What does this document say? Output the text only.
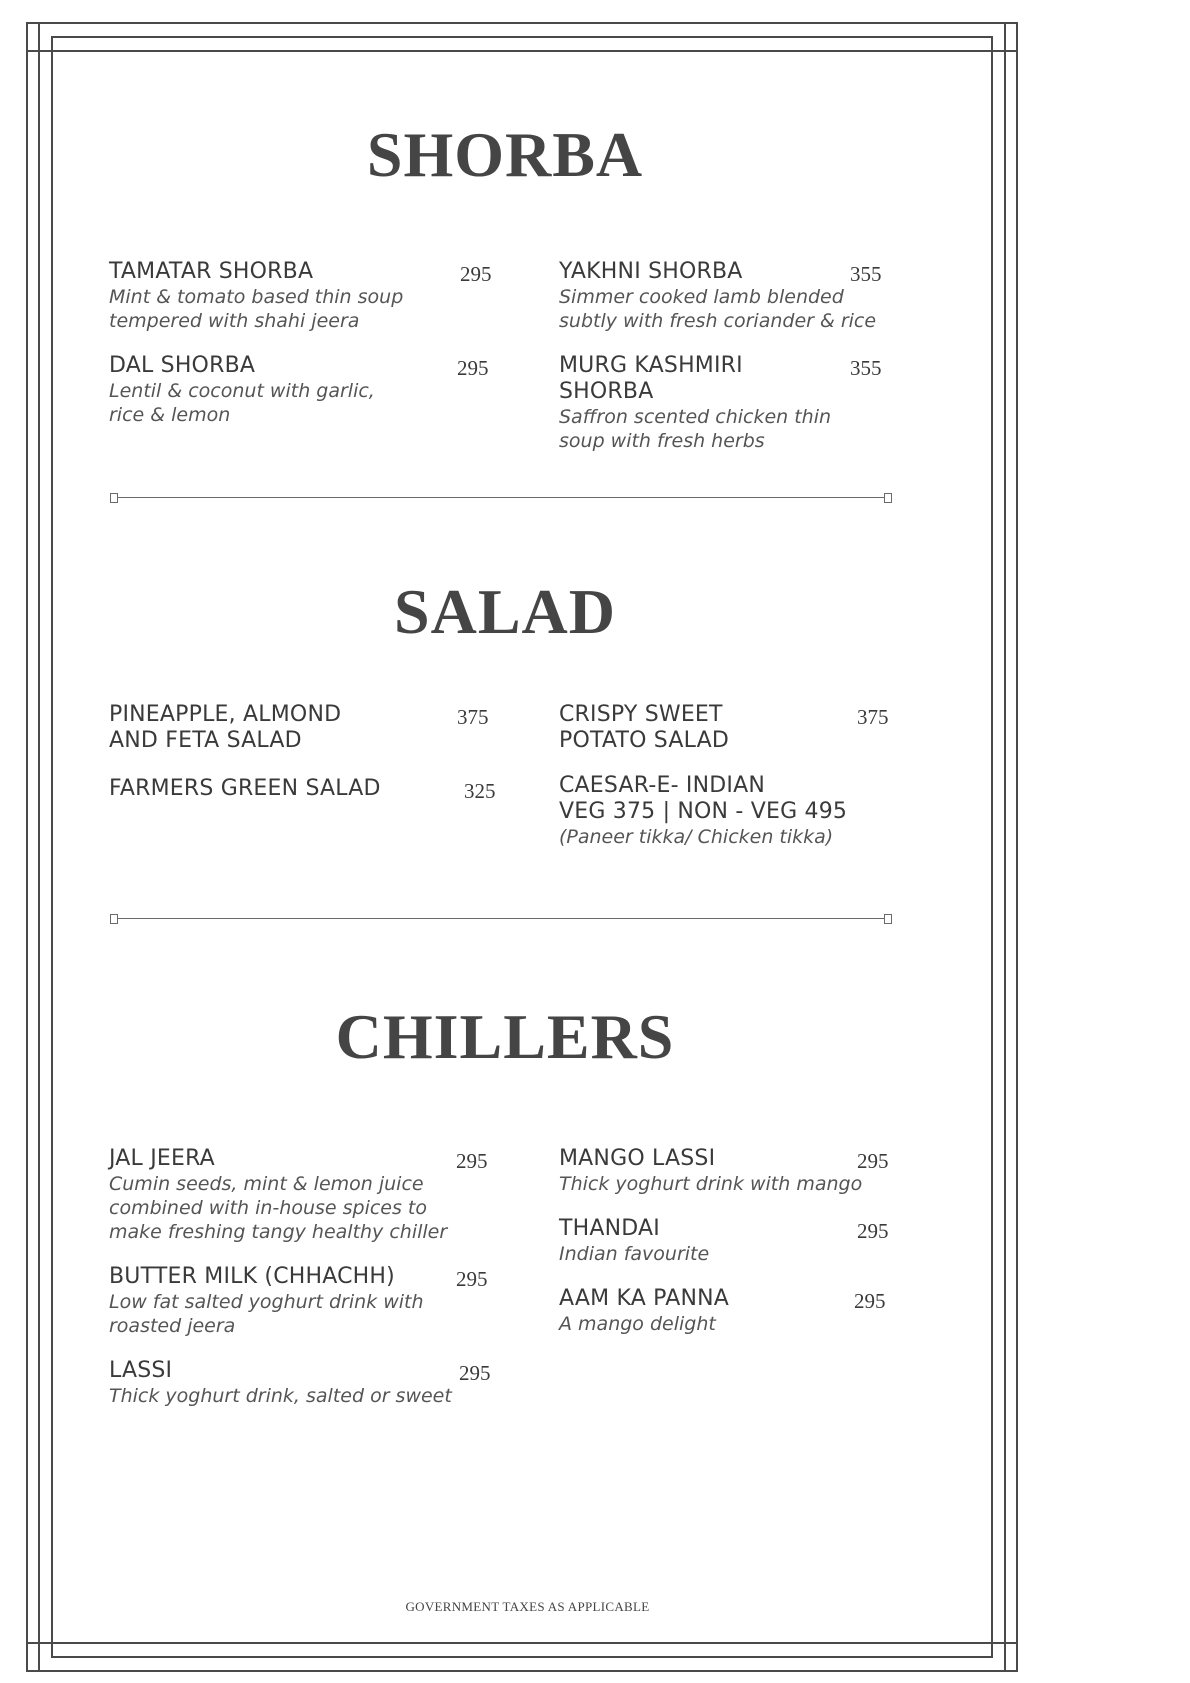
SHORBA
TAMATAR SHORBA
Mint & tomato based thin soup
tempered with shahi jeera
295
DAL SHORBA
Lentil & coconut with garlic,
rice & lemon
295
YAKHNI SHORBA
Simmer cooked lamb blended
subtly with fresh coriander & rice
355
MURG KASHMIRI
SHORBA
Saffron scented chicken thin
soup with fresh herbs
355
SALAD
PINEAPPLE, ALMOND
AND FETA SALAD
375
FARMERS GREEN SALAD	325
CRISPY SWEET
POTATO SALAD
375
CAESAR-E- INDIAN
VEG 375 | NON - VEG 495
(Paneer tikka/ Chicken tikka)
CHILLERS
JAL JEERA
Cumin seeds, mint & lemon juice
combined with in-house spices to
make freshing tangy healthy chiller
295
BUTTER MILK (CHHACHH)
Low fat salted yoghurt drink with
roasted jeera
295
LASSI
Thick yoghurt drink, salted or sweet
295
MANGO LASSI
Thick yoghurt drink with mango
295
THANDAI
Indian favourite
295
AAM KA PANNA
A mango delight
295
GOVERNMENT TAXES AS APPLICABLE
